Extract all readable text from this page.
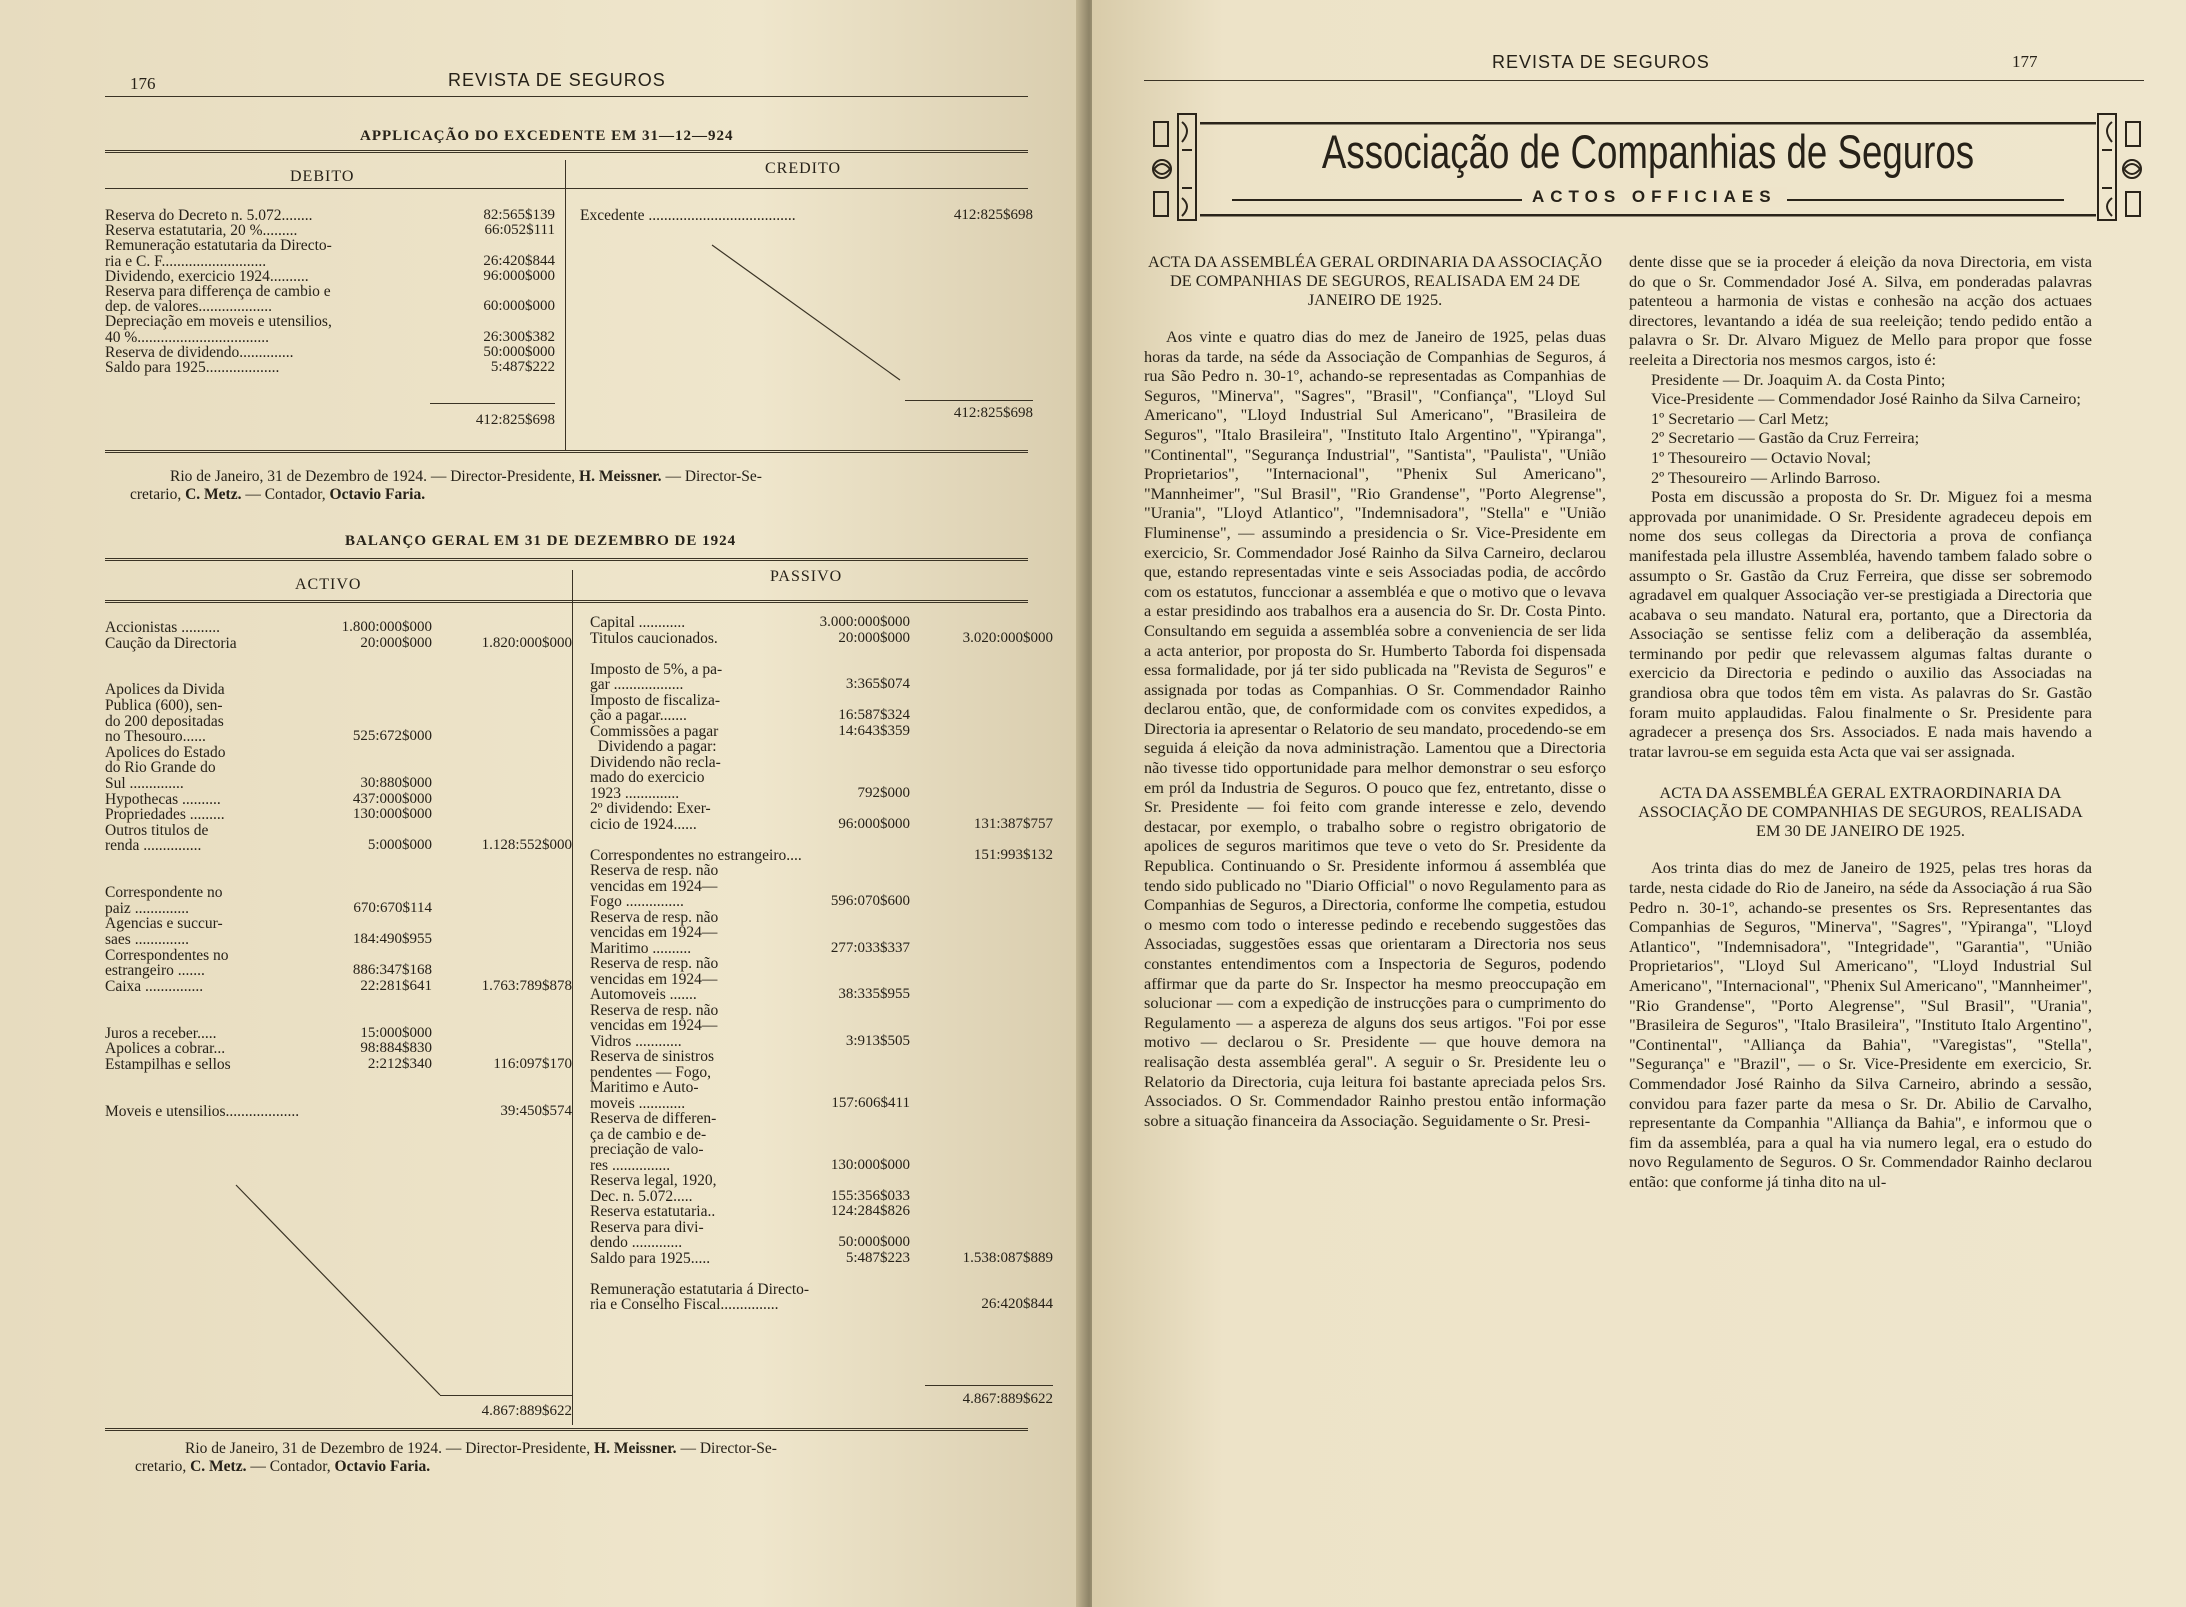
176	REVISTA DE SEGUROS
APPLICAÇÃO DO EXCEDENTE EM 31—12—924
DEBITO	CREDITO
Reserva do Decreto n. 5.072........	82:565$139
Reserva estatutaria, 20 %.........	66:052$111
Remuneração estatutaria da Directo-
ria e C. F...........................	26:420$844
Dividendo, exercicio 1924..........	96:000$000
Reserva para differença de cambio e
dep. de valores...................	60:000$000
Depreciação em moveis e utensilios,
40 %..................................	26:300$382
Reserva de dividendo..............	50:000$000
Saldo para 1925...................	5:487$222
Excedente ......................................	412:825$698
412:825$698	412:825$698
Rio de Janeiro, 31 de Dezembro de 1924. — Director-Presidente, H. Meissner. — Director-Se-
cretario, C. Metz. — Contador, Octavio Faria.
BALANÇO GERAL EM 31 DE DEZEMBRO DE 1924
ACTIVO	PASSIVO
Accionistas ..........	1.800:000$000
Caução da Directoria	20:000$000	1.820:000$000
Apolices da Divida
Publica (600), sen-
do 200 depositadas
no Thesouro......	525:672$000
Apolices do Estado
do Rio Grande do
Sul ..............	30:880$000
Hypothecas ..........	437:000$000
Propriedades .........	130:000$000
Outros titulos de
renda ...............	5:000$000	1.128:552$000
Correspondente no
paiz ..............	670:670$114
Agencias e succur-
saes ..............	184:490$955
Correspondentes no
estrangeiro .......	886:347$168
Caixa ...............	22:281$641	1.763:789$878
Juros a receber.....	15:000$000
Apolices a cobrar...	98:884$830
Estampilhas e sellos	2:212$340	116:097$170
Moveis e utensilios...................	39:450$574
Capital ............	3.000:000$000
Titulos caucionados.	20:000$000	3.020:000$000
Imposto de 5%, a pa-
gar ..................	3:365$074
Imposto de fiscaliza-
ção a pagar.......	16:587$324
Commissões a pagar	14:643$359
Dividendo a pagar:
Dividendo não recla-
mado do exercicio
1923 ..............	792$000
2º dividendo: Exer-
cicio de 1924......	96:000$000	131:387$757
Correspondentes no estrangeiro....	151:993$132
Reserva de resp. não
vencidas em 1924—
Fogo ...............	596:070$600
Reserva de resp. não
vencidas em 1924—
Maritimo ..........	277:033$337
Reserva de resp. não
vencidas em 1924—
Automoveis .......	38:335$955
Reserva de resp. não
vencidas em 1924—
Vidros ............	3:913$505
Reserva de sinistros
pendentes — Fogo,
Maritimo e Auto-
moveis ............	157:606$411
Reserva de differen-
ça de cambio e de-
preciação de valo-
res ...............	130:000$000
Reserva legal, 1920,
Dec. n. 5.072.....	155:356$033
Reserva estatutaria..	124:284$826
Reserva para divi-
dendo .............	50:000$000
Saldo para 1925.....	5:487$223	1.538:087$889
Remuneração estatutaria á Directo-
ria e Conselho Fiscal...............	26:420$844
4.867:889$622
4.867:889$622
Rio de Janeiro, 31 de Dezembro de 1924. — Director-Presidente, H. Meissner. — Director-Se-
cretario, C. Metz. — Contador, Octavio Faria.
REVISTA DE SEGUROS	177
Associação de Companhias de Seguros
ACTOS OFFICIAES

ACTA DA ASSEMBLÉA GERAL ORDINARIA DA ASSOCIAÇÃO DE COMPANHIAS DE SEGUROS, REALISADA EM 24 DE JANEIRO DE 1925.

Aos vinte e quatro dias do mez de Janeiro de 1925, pelas duas horas da tarde, na séde da Associação de Companhias de Seguros, á rua São Pedro n. 30-1º, achando-se representadas as Companhias de Seguros, "Minerva", "Sagres", "Brasil", "Confiança", "Lloyd Sul Americano", "Lloyd Industrial Sul Americano", "Brasileira de Seguros", "Italo Brasileira", "Instituto Italo Argentino", "Ypiranga", "Continental", "Segurança Industrial", "Santista", "Paulista", "União Proprietarios", "Internacional", "Phenix Sul Americano", "Mannheimer", "Sul Brasil", "Rio Grandense", "Porto Alegrense", "Urania", "Lloyd Atlantico", "Indemnisadora", "Stella" e "União Fluminense", — assumindo a presidencia o Sr. Vice-Presidente em exercicio, Sr. Commendador José Rainho da Silva Carneiro, declarou que, estando representadas vinte e seis Associadas podia, de accôrdo com os estatutos, funccionar a assembléa e que o motivo que o levava a estar presidindo aos trabalhos era a ausencia do Sr. Dr. Costa Pinto. Consultando em seguida a assembléa sobre a conveniencia de ser lida a acta anterior, por proposta do Sr. Humberto Taborda foi dispensada essa formalidade, por já ter sido publicada na "Revista de Seguros" e assignada por todas as Companhias. O Sr. Commendador Rainho declarou então, que, de conformidade com os convites expedidos, a Directoria ia apresentar o Relatorio de seu mandato, procedendo-se em seguida á eleição da nova administração. Lamentou que a Directoria não tivesse tido opportunidade para melhor demonstrar o seu esforço em pról da Industria de Seguros. O pouco que fez, entretanto, disse o Sr. Presidente — foi feito com grande interesse e zelo, devendo destacar, por exemplo, o trabalho sobre o registro obrigatorio de apolices de seguros maritimos que teve o veto do Sr. Presidente da Republica. Continuando o Sr. Presidente informou á assembléa que tendo sido publicado no "Diario Official" o novo Regulamento para as Companhias de Seguros, a Directoria, conforme lhe competia, estudou o mesmo com todo o interesse pedindo e recebendo suggestões das Associadas, suggestões essas que orientaram a Directoria nos seus constantes entendimentos com a Inspectoria de Seguros, podendo affirmar que da parte do Sr. Inspector ha mesmo preoccupação em solucionar — com a expedição de instrucções para o cumprimento do Regulamento — a aspereza de alguns dos seus artigos. "Foi por esse motivo — declarou o Sr. Presidente — que houve demora na realisação desta assembléa geral". A seguir o Sr. Presidente leu o Relatorio da Directoria, cuja leitura foi bastante apreciada pelos Srs. Associados. O Sr. Commendador Rainho prestou então informação sobre a situação financeira da Associação. Seguidamente o Sr. Presi-

dente disse que se ia proceder á eleição da nova Directoria, em vista do que o Sr. Commendador José A. Silva, em ponderadas palavras patenteou a harmonia de vistas e conhesão na acção dos actuaes directores, levantando a idéa de sua reeleição; tendo pedido então a palavra o Sr. Dr. Alvaro Miguez de Mello para propor que fosse reeleita a Directoria nos mesmos cargos, isto é:

Presidente — Dr. Joaquim A. da Costa Pinto;
Vice-Presidente — Commendador José Rainho da Silva Carneiro;
1º Secretario — Carl Metz;
2º Secretario — Gastão da Cruz Ferreira;
1º Thesoureiro — Octavio Noval;
2º Thesoureiro — Arlindo Barroso.

Posta em discussão a proposta do Sr. Dr. Miguez foi a mesma approvada por unanimidade. O Sr. Presidente agradeceu depois em nome dos seus collegas da Directoria a prova de confiança manifestada pela illustre Assembléa, havendo tambem falado sobre o assumpto o Sr. Gastão da Cruz Ferreira, que disse ser sobremodo agradavel em qualquer Associação ver-se prestigiada a Directoria que acabava o seu mandato. Natural era, portanto, que a Directoria da Associação se sentisse feliz com a deliberação da assembléa, terminando por pedir que relevassem algumas faltas durante o exercicio da Directoria e pedindo o auxilio das Associadas na grandiosa obra que todos têm em vista. As palavras do Sr. Gastão foram muito applaudidas. Falou finalmente o Sr. Presidente para agradecer a presença dos Srs. Associados. E nada mais havendo a tratar lavrou-se em seguida esta Acta que vai ser assignada.

ACTA DA ASSEMBLÉA GERAL EXTRAORDINARIA DA ASSOCIAÇÃO DE COMPANHIAS DE SEGUROS, REALISADA EM 30 DE JANEIRO DE 1925.

Aos trinta dias do mez de Janeiro de 1925, pelas tres horas da tarde, nesta cidade do Rio de Janeiro, na séde da Associação á rua São Pedro n. 30-1º, achando-se presentes os Srs. Representantes das Companhias de Seguros, "Minerva", "Sagres", "Ypiranga", "Lloyd Atlantico", "Indemnisadora", "Integridade", "Garantia", "União Proprietarios", "Lloyd Sul Americano", "Lloyd Industrial Sul Americano", "Internacional", "Phenix Sul Americano", "Mannheimer", "Rio Grandense", "Porto Alegrense", "Sul Brasil", "Urania", "Brasileira de Seguros", "Italo Brasileira", "Instituto Italo Argentino", "Continental", "Alliança da Bahia", "Varegistas", "Stella", "Segurança" e "Brazil", — o Sr. Vice-Presidente em exercicio, Sr. Commendador José Rainho da Silva Carneiro, abrindo a sessão, convidou para fazer parte da mesa o Sr. Dr. Abilio de Carvalho, representante da Companhia "Alliança da Bahia", e informou que o fim da assembléa, para a qual ha via numero legal, era o estudo do novo Regulamento de Seguros. O Sr. Commendador Rainho declarou então: que conforme já tinha dito na ul-
